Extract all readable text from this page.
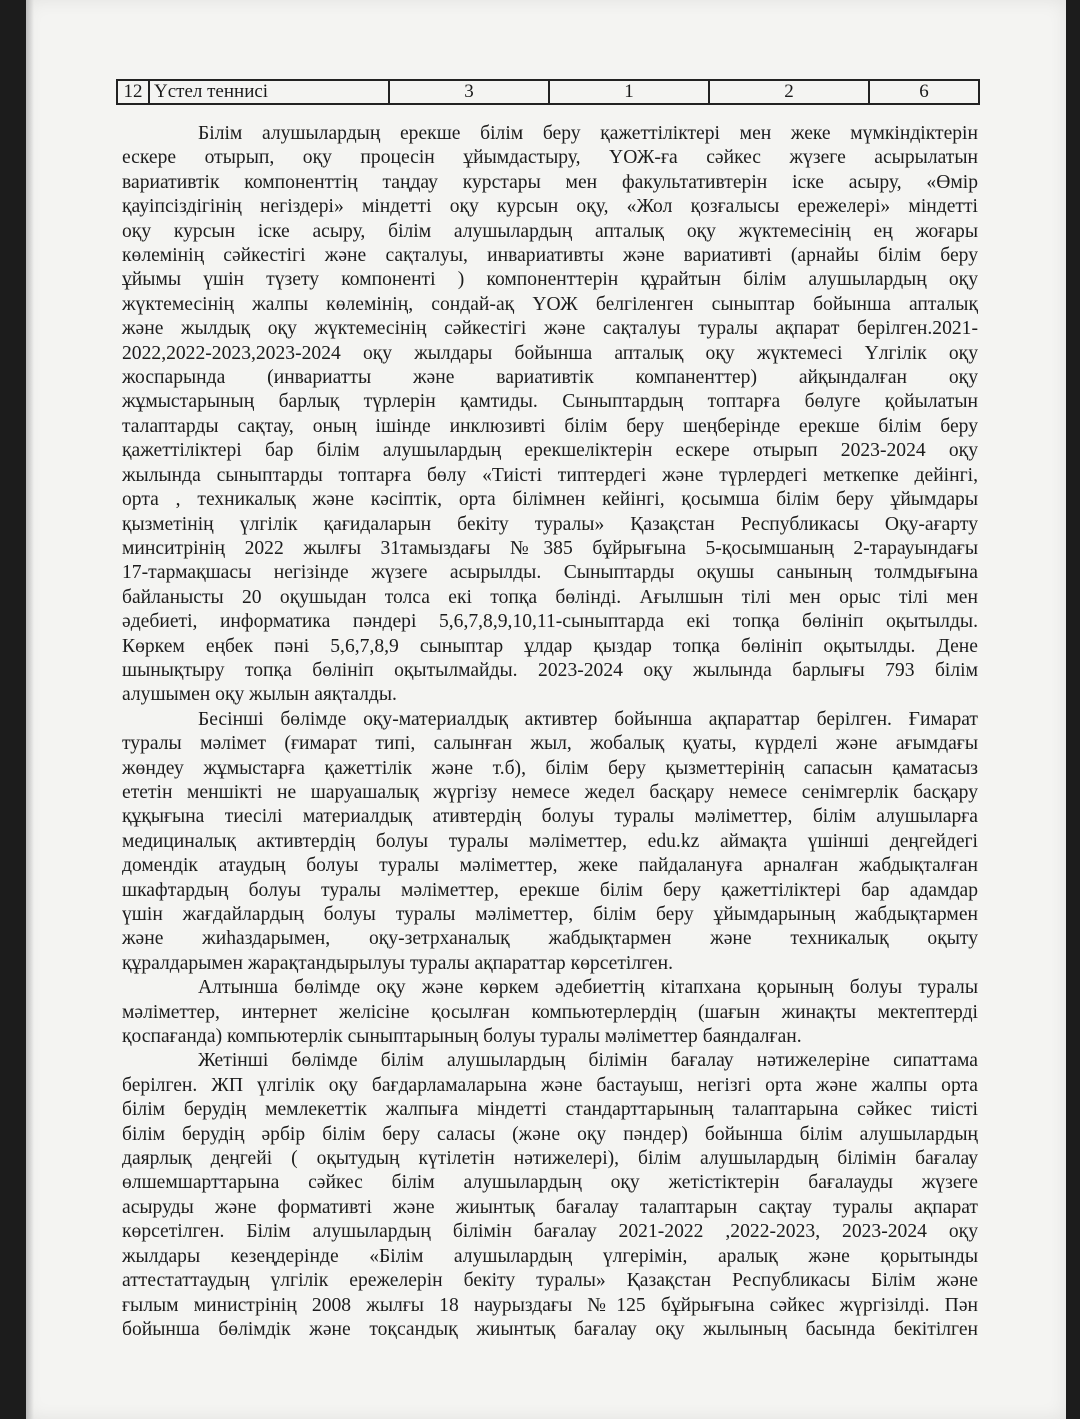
12	Үстел теннисі	3	1	2	6

Білім алушылардың ерекше білім беру қажеттіліктері мен жеке мүмкіндіктерін
ескере отырып, оқу процесін ұйымдастыру, ҮОЖ-ға сәйкес жүзеге асырылатын
вариативтік компоненттің таңдау курстары мен факультативтерін іске асыру, «Өмір
қауіпсіздігінің негіздері» міндетті оқу курсын оқу, «Жол қозғалысы ережелері» міндетті
оқу курсын іске асыру, білім алушылардың апталық оқу жүктемесінің ең жоғары
көлемінің сәйкестігі және сақталуы, инвариативты және вариативті (арнайы білім беру
ұйымы үшін түзету компоненті ) компоненттерін құрайтын білім алушылардың оқу
жүктемесінің жалпы көлемінің, сондай-ақ ҮОЖ белгіленген сыныптар бойынша апталық
және жылдық оқу жүктемесінің сәйкестігі және сақталуы туралы ақпарат берілген.2021-
2022,2022-2023,2023-2024 оқу жылдары бойынша апталық оқу жүктемесі Үлгілік оқу
жоспарында (инвариатты және вариативтік компаненттер) айқындалған оқу
жұмыстарының барлық түрлерін қамтиды. Сыныптардың топтарға бөлуге қойылатын
талаптарды сақтау, оның ішінде инклюзивті білім беру шеңберінде ерекше білім беру
қажеттіліктері бар білім алушылардың ерекшеліктерін ескере отырып 2023-2024 оқу
жылында сыныптарды топтарға бөлу «Тиісті типтердегі және түрлердегі меткепке дейінгі,
орта , техникалық және кәсіптік, орта білімнен кейінгі, қосымша білім беру ұйымдары
қызметінің үлгілік қағидаларын бекіту туралы» Қазақстан Республикасы Оқу-ағарту
минситрінің 2022 жылғы 31тамыздағы №385 бұйрығына 5-қосымшаның 2-тарауындағы
17-тармақшасы негізінде жүзеге асырылды. Сыныптарды оқушы санының толмдығына
байланысты 20 оқушыдан толса екі топқа бөлінді. Ағылшын тілі мен орыс тілі мен
әдебиеті, информатика пәндері 5,6,7,8,9,10,11-сыныптарда екі топқа бөлініп оқытылды.
Көркем еңбек пәні 5,6,7,8,9 сыныптар ұлдар қыздар топқа бөлініп оқытылды. Дене
шынықтыру топқа бөлініп оқытылмайды. 2023-2024 оқу жылында барлығы 793 білім
алушымен оқу жылын аяқталды.

Бесінші бөлімде оқу-материалдық активтер бойынша ақпараттар берілген. Ғимарат
туралы мәлімет (ғимарат типі, салынған жыл, жобалық қуаты, күрделі және ағымдағы
жөндеу жұмыстарға қажеттілік және т.б), білім беру қызметтерінің сапасын қаматасыз
ететін меншікті не шаруашалық жүргізу немесе жедел басқару немесе сенімгерлік басқару
құқығына тиесілі материалдық ативтердің болуы туралы мәліметтер, білім алушыларға
медициналық активтердің болуы туралы мәліметтер, edu.kz аймақта үшінші деңгейдегі
домендік атаудың болуы туралы мәліметтер, жеке пайдалануға арналған жабдықталған
шкафтардың болуы туралы мәліметтер, ерекше білім беру қажеттіліктері бар адамдар
үшін жағдайлардың болуы туралы мәліметтер, білім беру ұйымдарының жабдықтармен
және жиһаздарымен, оқу-зетрханалық жабдықтармен және техникалық оқыту
құралдарымен жарақтандырылуы туралы ақпараттар көрсетілген.

Алтынша бөлімде оқу және көркем әдебиеттің кітапхана қорының болуы туралы
мәліметтер, интернет желісіне қосылған компьютерлердің (шағын жинақты мектептерді
қоспағанда) компьютерлік сыныптарының болуы туралы мәліметтер баяндалған.

Жетінші бөлімде білім алушылардың білімін бағалау нәтижелеріне сипаттама
берілген. ЖП үлгілік оқу бағдарламаларына және бастауыш, негізгі орта және жалпы орта
білім берудің мемлекеттік жалпыға міндетті стандарттарының талаптарына сәйкес тиісті
білім берудің әрбір білім беру саласы (және оқу пәндер) бойынша білім алушылардың
даярлық деңгейі ( оқытудың күтілетін нәтижелері), білім алушылардың білімін бағалау
өлшемшарттарына сәйкес білім алушылардың оқу жетістіктерін бағалауды жүзеге
асыруды және формативті және жиынтық бағалау талаптарын сақтау туралы ақпарат
көрсетілген. Білім алушылардың білімін бағалау 2021-2022 ,2022-2023, 2023-2024 оқу
жылдары кезеңдерінде «Білім алушылардың үлгерімін, аралық және қорытынды
аттестаттаудың үлгілік ережелерін бекіту туралы» Қазақстан Республикасы Білім және
ғылым министрінің 2008 жылғы 18 наурыздағы №125 бұйрығына сәйкес жүргізілді. Пән
бойынша бөлімдік және тоқсандық жиынтық бағалау оқу жылының басында бекітілген
